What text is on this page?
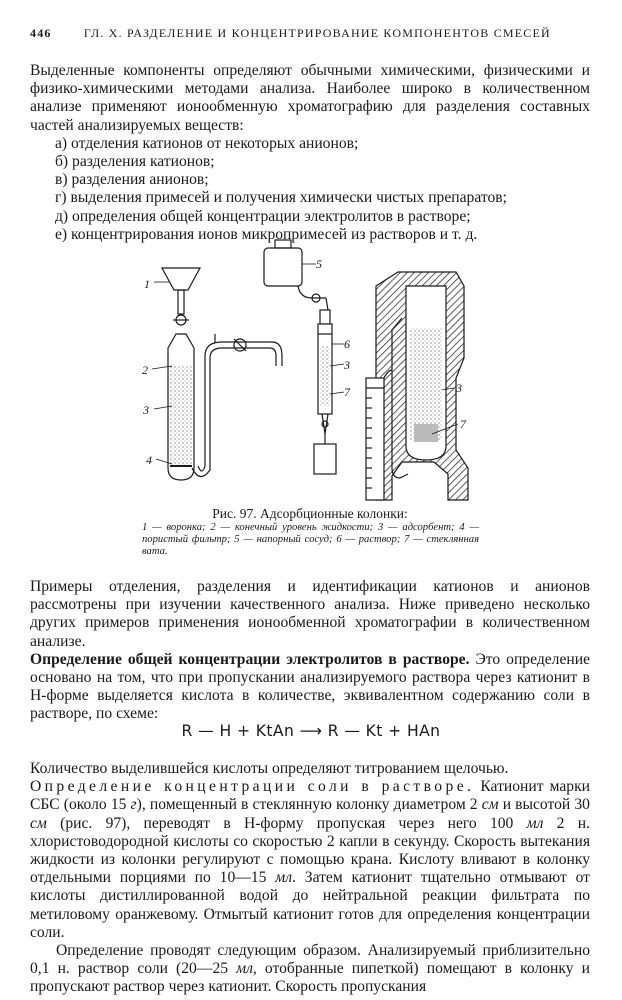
446	ГЛ. X. РАЗДЕЛЕНИЕ И КОНЦЕНТРИРОВАНИЕ КОМПОНЕНТОВ СМЕСЕЙ

Выделенные компоненты определяют обычными химическими, физическими и физико-химическими методами анализа. Наиболее широко в количественном анализе применяют ионообменную хроматографию для разделения составных частей анализируемых веществ:

а) отделения катионов от некоторых анионов;
б) разделения катионов;
в) разделения анионов;
г) выделения примесей и получения химически чистых препаратов;
д) определения общей концентрации электролитов в растворе;
е) концентрирования ионов микропримесей из растворов и т. д.
1
2
3
4
5
6
3
7	3
7
Рис. 97. Адсорбционные колонки:
1 — воронка; 2 — конечный уровень жидкости; 3 — адсорбент; 4 — пористый фильтр; 5 — напорный сосуд; 6 — раствор; 7 — стеклянная вата.

Примеры отделения, разделения и идентификации катионов и анионов рассмотрены при изучении качественного анализа. Ниже приведено несколько других примеров применения ионообменной хроматографии в количественном анализе.

Определение общей концентрации электролитов в растворе. Это определение основано на том, что при пропускании анализируемого раствора через катионит в Н-форме выделяется кислота в количестве, эквивалентном содержанию соли в растворе, по схеме:

R — H + KtAn ⟶ R — Kt + HAn

Количество выделившейся кислоты определяют титрованием щелочью.

Определение концентрации соли в растворе. Катионит марки СБС (около 15 г), помещенный в стеклянную колонку диаметром 2 см и высотой 30 см (рис. 97), переводят в Н-форму пропуская через него 100 мл 2 н. хлористоводородной кислоты со скоростью 2 капли в секунду. Скорость вытекания жидкости из колонки регулируют с помощью крана. Кислоту вливают в колонку отдельными порциями по 10—15 мл. Затем катионит тщательно отмывают от кислоты дистиллированной водой до нейтральной реакции фильтрата по метиловому оранжевому. Отмытый катионит готов для определения концентрации соли.

Определение проводят следующим образом. Анализируемый приблизительно 0,1 н. раствор соли (20—25 мл, отобранные пипеткой) помещают в колонку и пропускают раствор через катионит. Скорость пропускания
